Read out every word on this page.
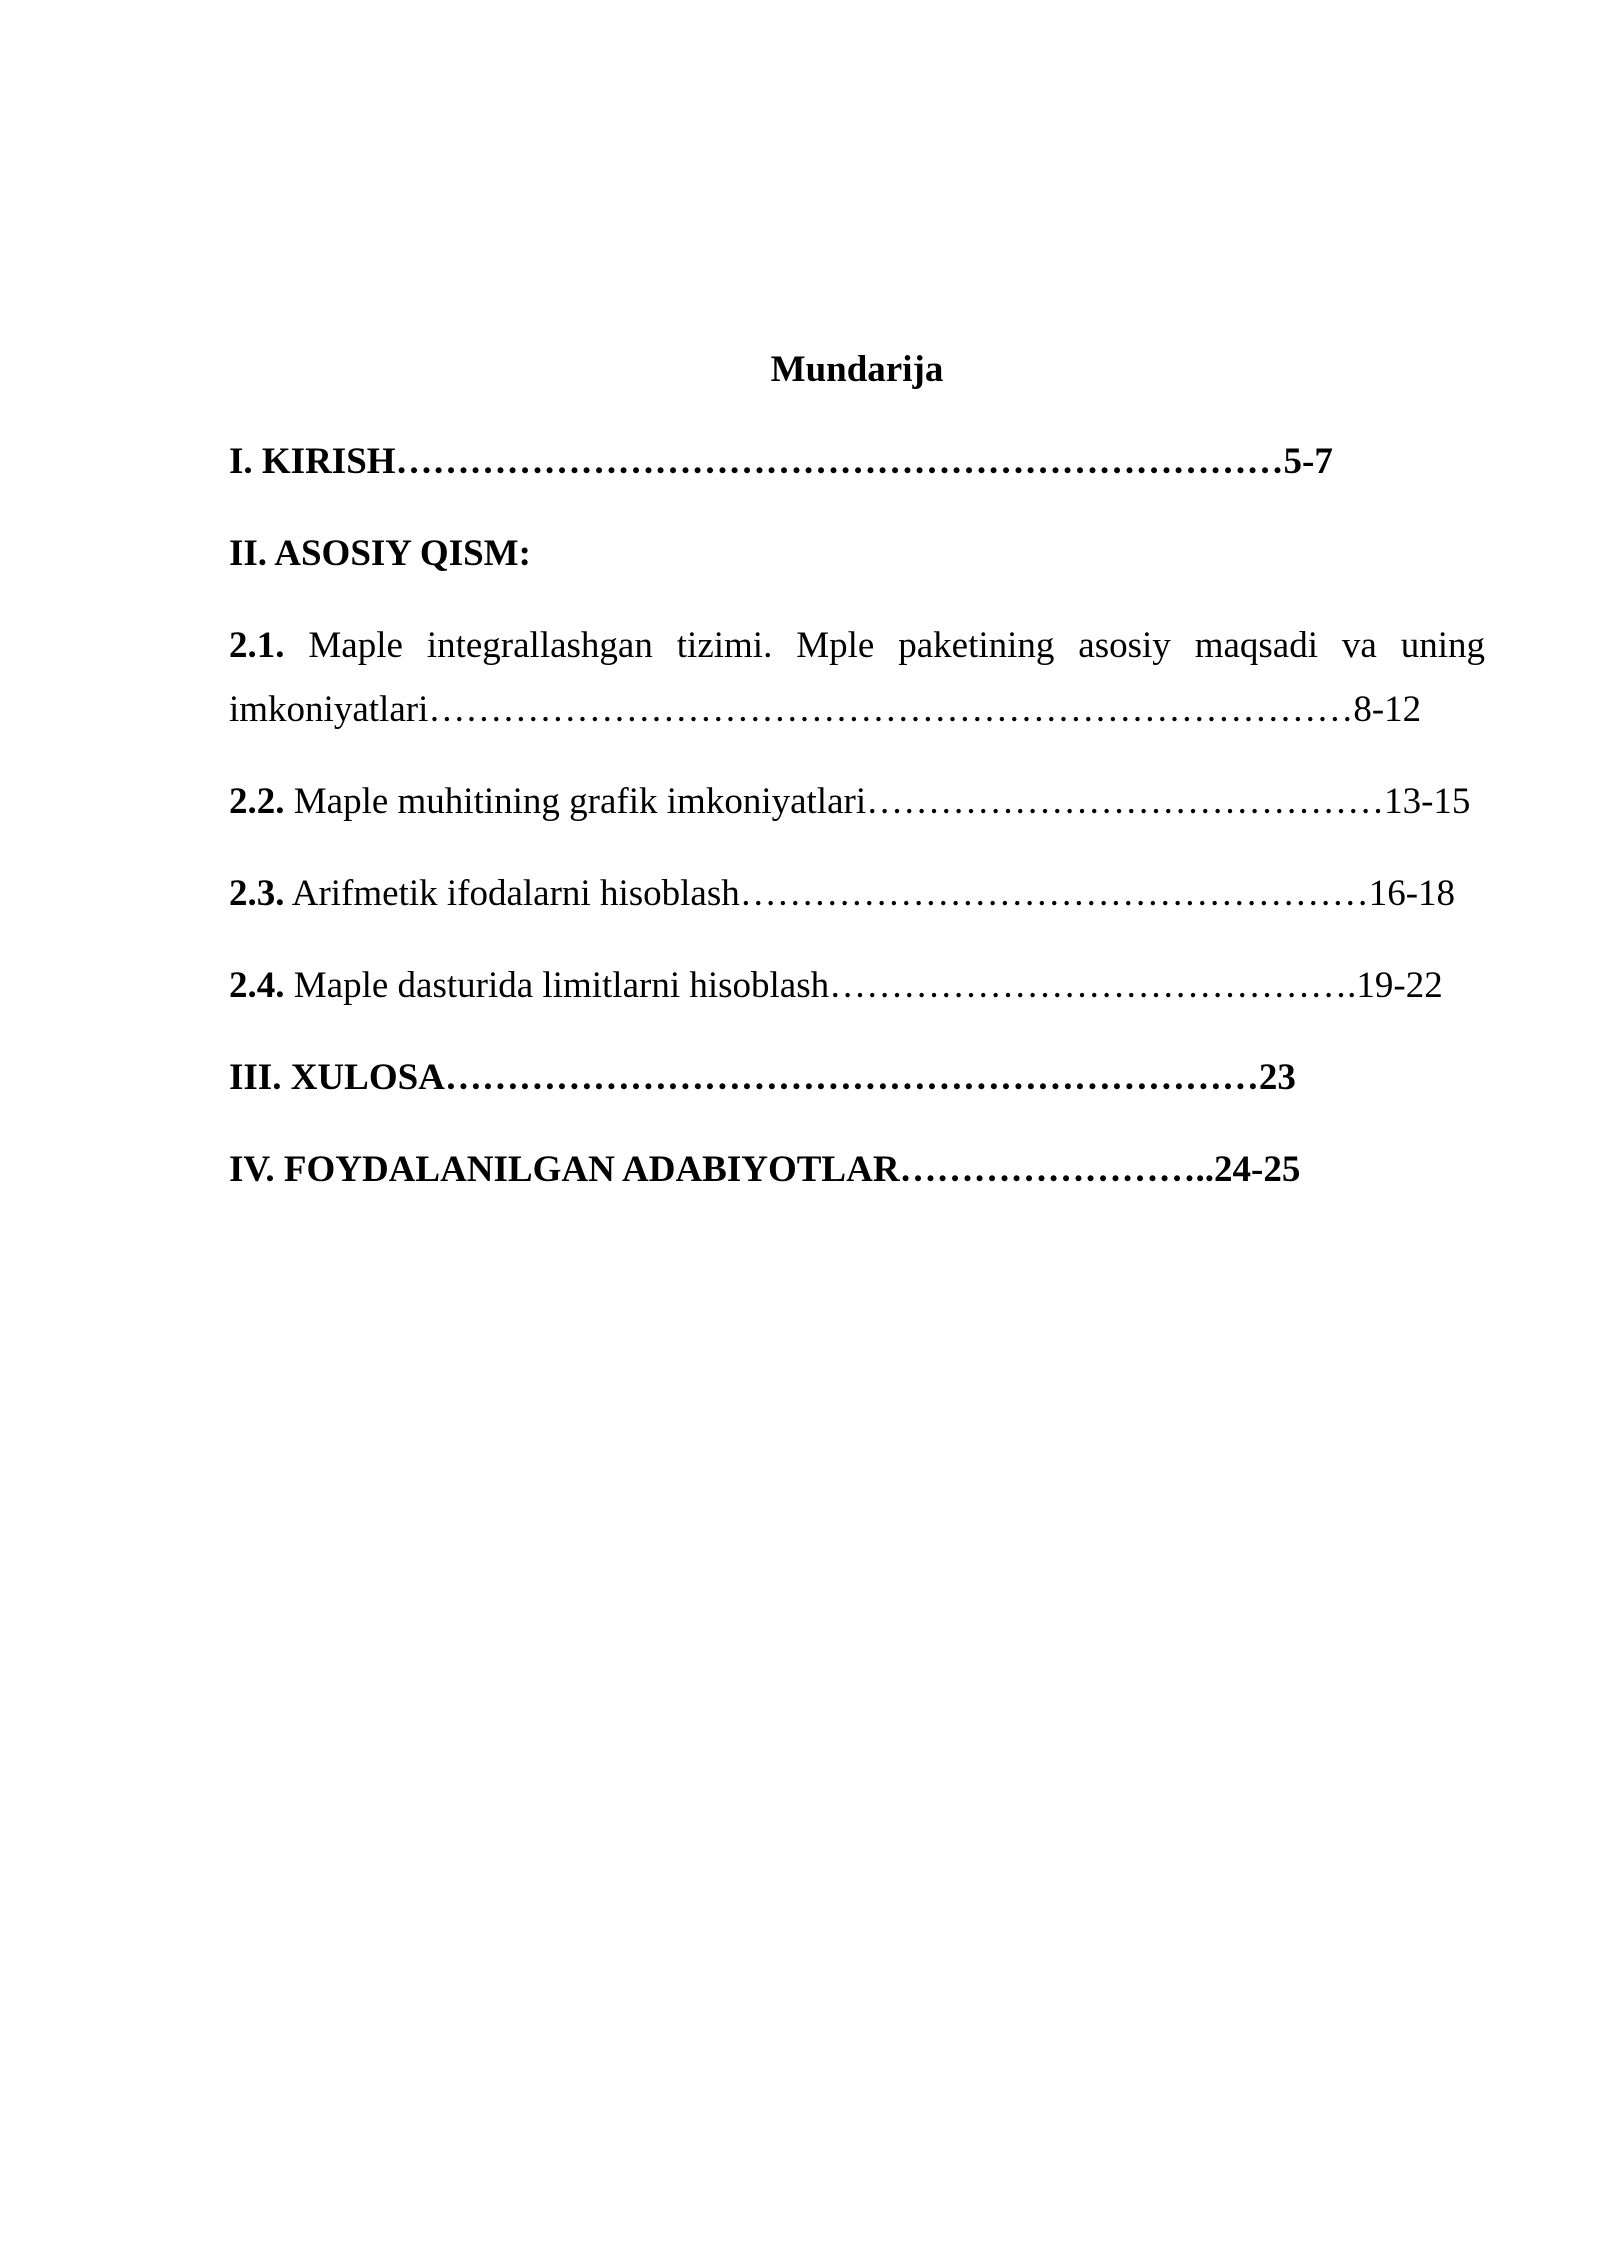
Mundarija
I. KIRISH………………………………………………………………5-7
II. ASOSIY QISM:
2.1. Maple integrallashgan tizimi. Mple paketining asosiy maqsadi va uning imkoniyatlari…………………………………………………………………8-12
2.2. Maple muhitining grafik imkoniyatlari……………………………………13-15
2.3. Arifmetik ifodalarni hisoblash……………………………………………16-18
2.4. Maple dasturida limitlarni hisoblash…………………………………….19-22
III. XULOSA…………………………………………………………23
IV. FOYDALANILGAN ADABIYOTLAR……………………..24-25
